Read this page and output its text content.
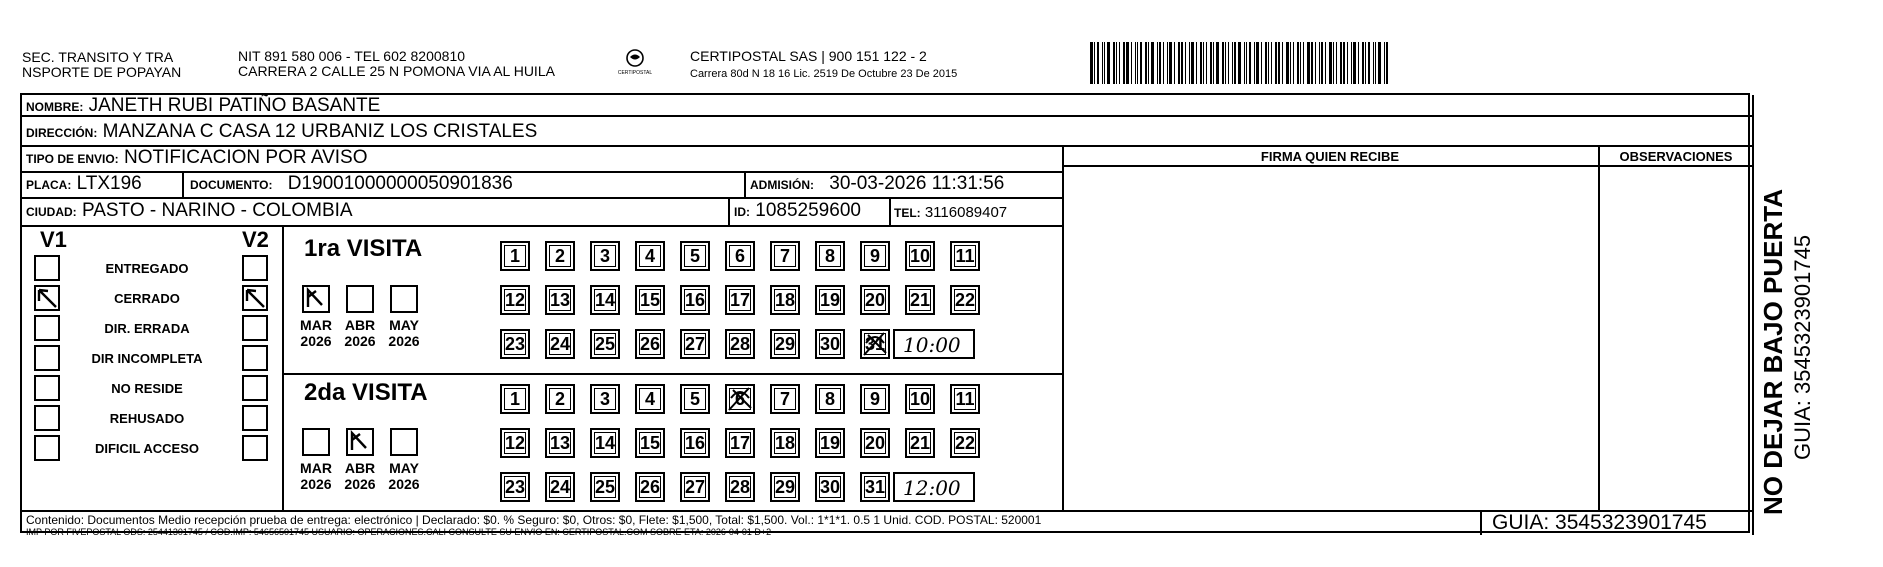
SEC. TRANSITO Y TRA
NSPORTE DE POPAYAN
NIT 891 580 006 - TEL 602 8200810
CARRERA 2 CALLE 25 N POMONA VIA AL HUILA	CERTIPOSTAL
CERTIPOSTAL SAS | 900 151 122 - 2
Carrera 80d N 18 16 Lic. 2519 De Octubre 23 De 2015
NOMBRE: JANETH RUBI PATIÑO BASANTE
DIRECCIÓN: MANZANA C CASA 12 URBANIZ LOS CRISTALES
TIPO DE ENVIO: NOTIFICACION POR AVISO	FIRMA QUIEN RECIBE	OBSERVACIONES
PLACA: LTX196	DOCUMENTO: D19001000000050901836	ADMISIÓN: 30-03-2026 11:31:56
CIUDAD: PASTO - NARINO - COLOMBIA	ID: 1085259600	TEL: 3116089407
V1	V2
ENTREGADO
CERRADO
DIR. ERRADA
DIR INCOMPLETA
NO RESIDE
REHUSADO
DIFICIL ACCESO
1ra VISITA
2da VISITA
MAR
2026
ABR
2026
MAY
2026
1 2 3 4 5 6 7 8 9 10 11
12 13 14 15 16 17 18 19 20 21 22
23 24 25 26 27 28 29 30 31 10:00
MAR
2026
ABR
2026
MAY
2026
1 2 3 4 5 6 7 8 9 10 11
12 13 14 15 16 17 18 19 20 21 22
23 24 25 26 27 28 29 30 31 12:00
Contenido: Documentos Medio recepción prueba de entrega: electrónico | Declarado: $0. % Seguro: $0, Otros: $0, Flete: $1,500, Total: $1,500. Vol.: 1*1*1. 0.5 1 Unid. COD. POSTAL: 520001
IMP POR FIVEPOSTAL ODS: 25441301745 / COD.IMP: 54656501745 USUARIO: OPERACIONES.CALI CONSULTE SU ENVIO EN: CERTIPOSTAL.COM SOBRE ETA: 2026-04-01 D+2	GUIA: 3545323901745
NO DEJAR BAJO PUERTA GUIA: 3545323901745
